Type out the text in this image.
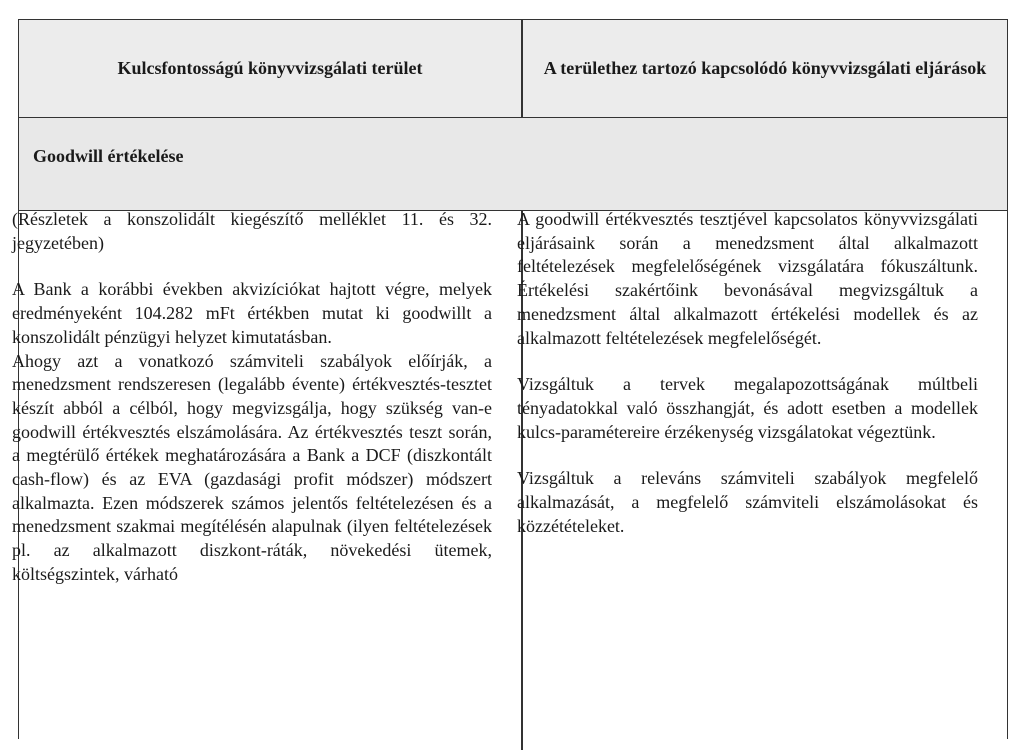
Kulcsfontosságú könyvvizsgálati terület	A területhez tartozó kapcsolódó könyvvizsgálati eljárások
Goodwill értékelése

(Részletek a konszolidált kiegészítő melléklet 11. és 32. jegyzetében)

A Bank a korábbi években akvizíciókat hajtott végre, melyek eredményeként 104.282 mFt értékben mutat ki goodwillt a konszolidált pénzügyi helyzet kimutatásban.

Ahogy azt a vonatkozó számviteli szabályok előírják, a menedzsment rendszeresen (legalább évente) értékvesztés-tesztet készít abból a célból, hogy megvizsgálja, hogy szükség van-e goodwill értékvesztés elszámolására. Az értékvesztés teszt során, a megtérülő értékek meghatározására a Bank a DCF (diszkontált cash-flow) és az EVA (gazdasági profit módszer) módszert alkalmazta. Ezen módszerek számos jelentős feltételezésen és a menedzsment szakmai megítélésén alapulnak (ilyen feltételezések pl. az alkalmazott diszkont-ráták, növekedési ütemek, költségszintek, várható

A goodwill értékvesztés tesztjével kapcsolatos könyvvizsgálati eljárásaink során a menedzsment által alkalmazott feltételezések megfelelőségének vizsgálatára fókuszáltunk. Értékelési szakértőink bevonásával megvizsgáltuk a menedzsment által alkalmazott értékelési modellek és az alkalmazott feltételezések megfelelőségét.

Vizsgáltuk a tervek megalapozottságának múltbeli tényadatokkal való összhangját, és adott esetben a modellek kulcs-paramétereire érzékenység vizsgálatokat végeztünk.

Vizsgáltuk a releváns számviteli szabályok megfelelő alkalmazását, a megfelelő számviteli elszámolásokat és közzétételeket.
